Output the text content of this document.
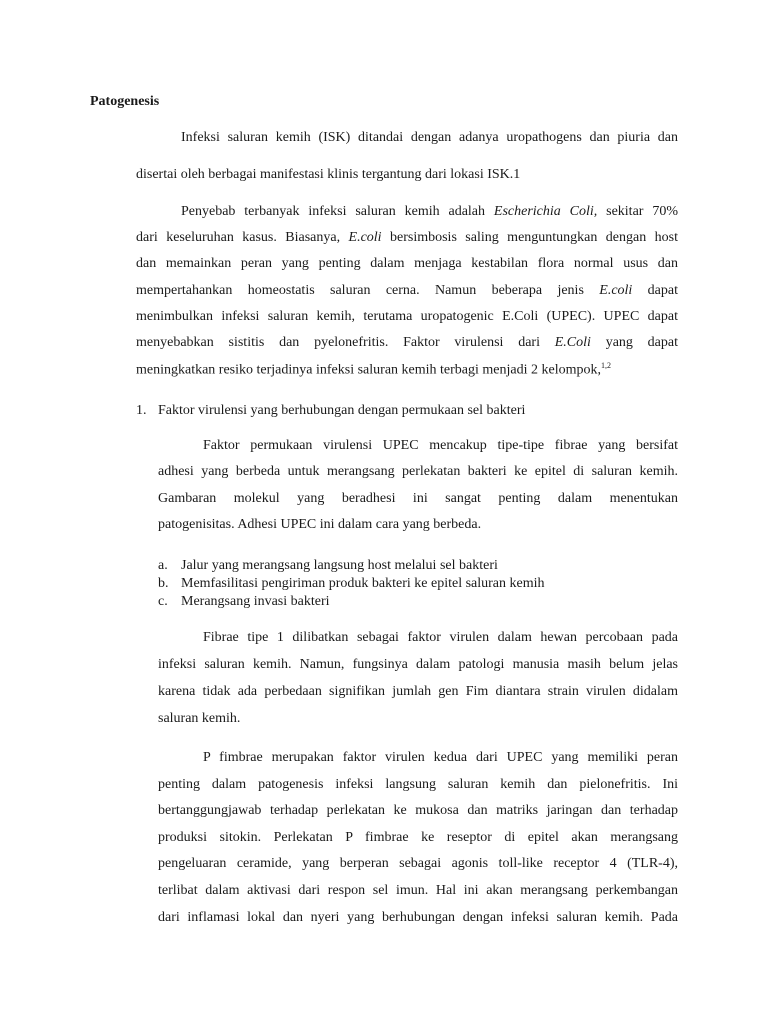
Patogenesis
Infeksi saluran kemih (ISK) ditandai dengan adanya uropathogens dan piuria dan
disertai oleh berbagai manifestasi klinis tergantung dari lokasi ISK.1
Penyebab terbanyak infeksi saluran kemih adalah Escherichia Coli, sekitar 70%
dari keseluruhan kasus. Biasanya, E.coli bersimbosis saling menguntungkan dengan host
dan memainkan peran yang penting dalam menjaga kestabilan flora normal usus dan
mempertahankan homeostatis saluran cerna. Namun beberapa jenis E.coli dapat
menimbulkan infeksi saluran kemih, terutama uropatogenic E.Coli (UPEC). UPEC dapat
menyebabkan sistitis dan pyelonefritis. Faktor virulensi dari E.Coli yang dapat
meningkatkan resiko terjadinya infeksi saluran kemih terbagi menjadi 2 kelompok,$^{1,2}$
1. Faktor virulensi yang berhubungan dengan permukaan sel bakteri
Faktor permukaan virulensi UPEC mencakup tipe-tipe fibrae yang bersifat
adhesi yang berbeda untuk merangsang perlekatan bakteri ke epitel di saluran kemih.
Gambaran molekul yang beradhesi ini sangat penting dalam menentukan
patogenisitas. Adhesi UPEC ini dalam cara yang berbeda.
a. Jalur yang merangsang langsung host melalui sel bakteri
b. Memfasilitasi pengiriman produk bakteri ke epitel saluran kemih
c. Merangsang invasi bakteri
Fibrae tipe 1 dilibatkan sebagai faktor virulen dalam hewan percobaan pada
infeksi saluran kemih. Namun, fungsinya dalam patologi manusia masih belum jelas
karena tidak ada perbedaan signifikan jumlah gen Fim diantara strain virulen didalam
saluran kemih.
P fimbrae merupakan faktor virulen kedua dari UPEC yang memiliki peran
penting dalam patogenesis infeksi langsung saluran kemih dan pielonefritis. Ini
bertanggungjawab terhadap perlekatan ke mukosa dan matriks jaringan dan terhadap
produksi sitokin. Perlekatan P fimbrae ke reseptor di epitel akan merangsang
pengeluaran ceramide, yang berperan sebagai agonis toll-like receptor 4 (TLR-4),
terlibat dalam aktivasi dari respon sel imun. Hal ini akan merangsang perkembangan
dari inflamasi lokal dan nyeri yang berhubungan dengan infeksi saluran kemih. Pada
